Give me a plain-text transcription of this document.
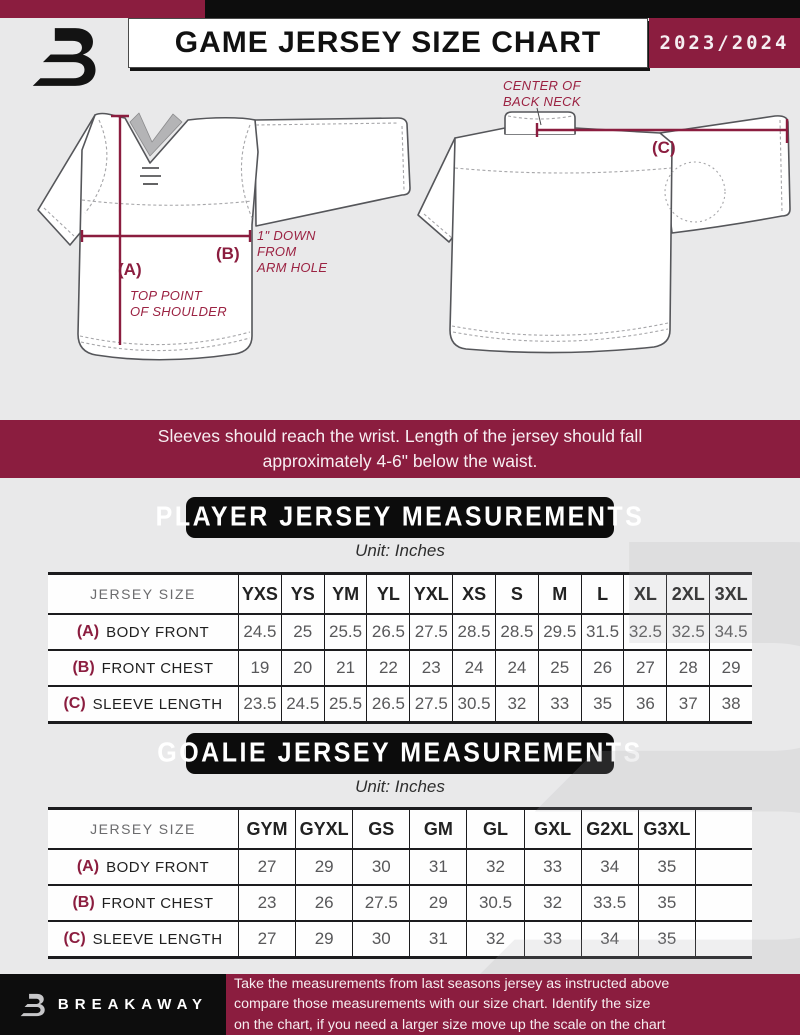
GAME JERSEY SIZE CHART	2023/2024
(A)
TOP POINT
OF SHOULDER
(B)
1" DOWN
FROM
ARM HOLE
(C)
CENTER OF
BACK NECK
Sleeves should reach the wrist. Length of the jersey should fall
approximately 4-6" below the waist.
PLAYER JERSEY MEASUREMENTS
Unit: Inches
JERSEY SIZE	YXS YS YM YL YXL XS	S	M	L	XL 2XL 3XL
(A) BODY FRONT	24.5 25 25.5 26.5 27.5 28.5 28.5 29.5 31.5 32.5 32.5 34.5
(B) FRONT CHEST	19	20	21	22	23	24	24	25	26	27	28	29
(C) SLEEVE LENGTH	23.5 24.5 25.5 26.5 27.5 30.5 32	33	35	36	37	38
GOALIE JERSEY MEASUREMENTS
Unit: Inches
JERSEY SIZE	GYM GYXL	GS	GM	GL	GXL G2XL G3XL
(A) BODY FRONT	27	29	30	31	32	33	34	35
(B) FRONT CHEST	23	26	27.5	29	30.5	32	33.5	35
(C) SLEEVE LENGTH	27	29	30	31	32	33	34	35
BREAKAWAY
Take the measurements from last seasons jersey as instructed above
compare those measurements with our size chart. Identify the size
on the chart, if you need a larger size move up the scale on the chart
